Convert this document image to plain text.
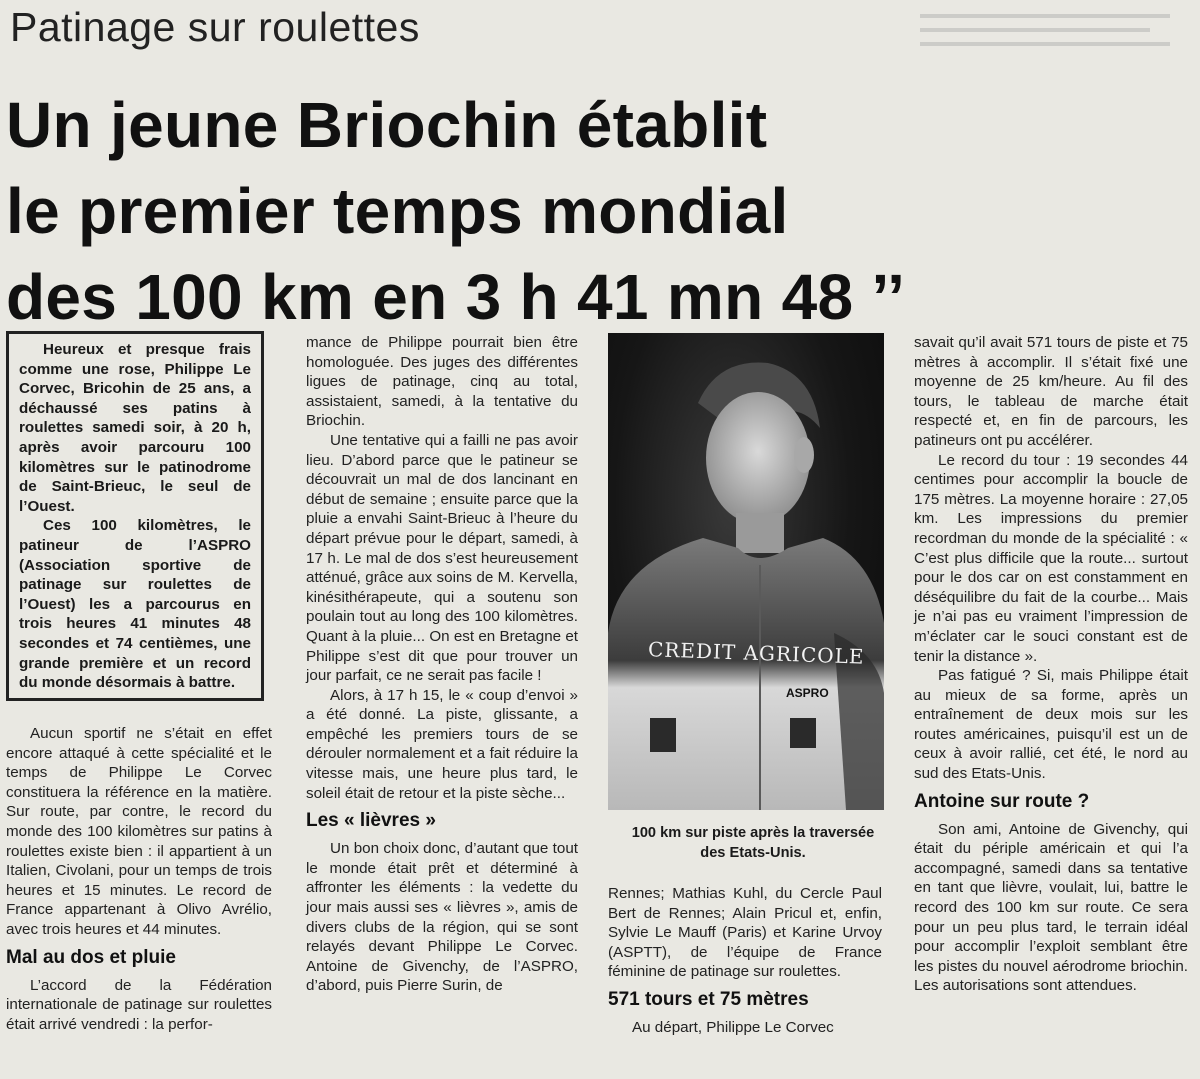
Patinage sur roulettes
Un jeune Briochin établit
le premier temps mondial
des 100 km en 3 h 41 mn 48 ’’

Heureux et presque frais comme une rose, Philippe Le Corvec, Bricohin de 25 ans, a déchaussé ses patins à roulettes samedi soir, à 20 h, après avoir parcouru 100 kilomètres sur le patinodrome de Saint-Brieuc, le seul de l’Ouest.

Ces 100 kilomètres, le patineur de l’ASPRO (Association sportive de patinage sur roulettes de l’Ouest) les a parcourus en trois heures 41 minutes 48 secondes et 74 centièmes, une grande première et un record du monde désormais à battre.

Aucun sportif ne s’était en effet encore attaqué à cette spécialité et le temps de Philippe Le Corvec constituera la référence en la matière. Sur route, par contre, le record du monde des 100 kilomètres sur patins à roulettes existe bien : il appartient à un Italien, Civolani, pour un temps de trois heures et 15 minutes. Le record de France appartenant à Olivo Avrélio, avec trois heures et 44 minutes.

Mal au dos et pluie

L’accord de la Fédération internationale de patinage sur roulettes était arrivé vendredi : la perfor-

mance de Philippe pourrait bien être homologuée. Des juges des différentes ligues de patinage, cinq au total, assistaient, samedi, à la tentative du Briochin.

Une tentative qui a failli ne pas avoir lieu. D’abord parce que le patineur se découvrait un mal de dos lancinant en début de semaine ; ensuite parce que la pluie a envahi Saint-Brieuc à l’heure du départ prévue pour le départ, samedi, à 17 h. Le mal de dos s’est heureusement atténué, grâce aux soins de M. Kervella, kinésithérapeute, qui a soutenu son poulain tout au long des 100 kilomètres. Quant à la pluie... On est en Bretagne et Philippe s’est dit que pour trouver un jour parfait, ce ne serait pas facile !

Alors, à 17 h 15, le « coup d’envoi » a été donné. La piste, glissante, a empêché les premiers tours de se dérouler normalement et a fait réduire la vitesse mais, une heure plus tard, le soleil était de retour et la piste sèche...

Les « lièvres »

Un bon choix donc, d’autant que tout le monde était prêt et déterminé à affronter les éléments : la vedette du jour mais aussi ses « lièvres », amis de divers clubs de la région, qui se sont relayés devant Philippe Le Corvec. Antoine de Givenchy, de l’ASPRO, d’abord, puis Pierre Surin, de

CREDIT AGRICOLE
ASPRO
100 km sur piste après la traversée des Etats-Unis.

Rennes; Mathias Kuhl, du Cercle Paul Bert de Rennes; Alain Pricul et, enfin, Sylvie Le Mauff (Paris) et Karine Urvoy (ASPTT), de l’équipe de France féminine de patinage sur roulettes.

571 tours et 75 mètres

Au départ, Philippe Le Corvec

savait qu’il avait 571 tours de piste et 75 mètres à accomplir. Il s’était fixé une moyenne de 25 km/heure. Au fil des tours, le tableau de marche était respecté et, en fin de parcours, les patineurs ont pu accélérer.

Le record du tour : 19 secondes 44 centimes pour accomplir la boucle de 175 mètres. La moyenne horaire : 27,05 km. Les impressions du premier recordman du monde de la spécialité : « C’est plus difficile que la route... surtout pour le dos car on est constamment en déséquilibre du fait de la courbe... Mais je n’ai pas eu vraiment l’impression de m’éclater car le souci constant est de tenir la distance ».

Pas fatigué ? Si, mais Philippe était au mieux de sa forme, après un entraînement de deux mois sur les routes américaines, puisqu’il est un de ceux à avoir rallié, cet été, le nord au sud des Etats-Unis.

Antoine sur route ?

Son ami, Antoine de Givenchy, qui était du périple américain et qui l’a accompagné, samedi dans sa tentative en tant que lièvre, voulait, lui, battre le record des 100 km sur route. Ce sera pour un peu plus tard, le terrain idéal pour accomplir l’exploit semblant être les pistes du nouvel aérodrome briochin. Les autorisations sont attendues.
